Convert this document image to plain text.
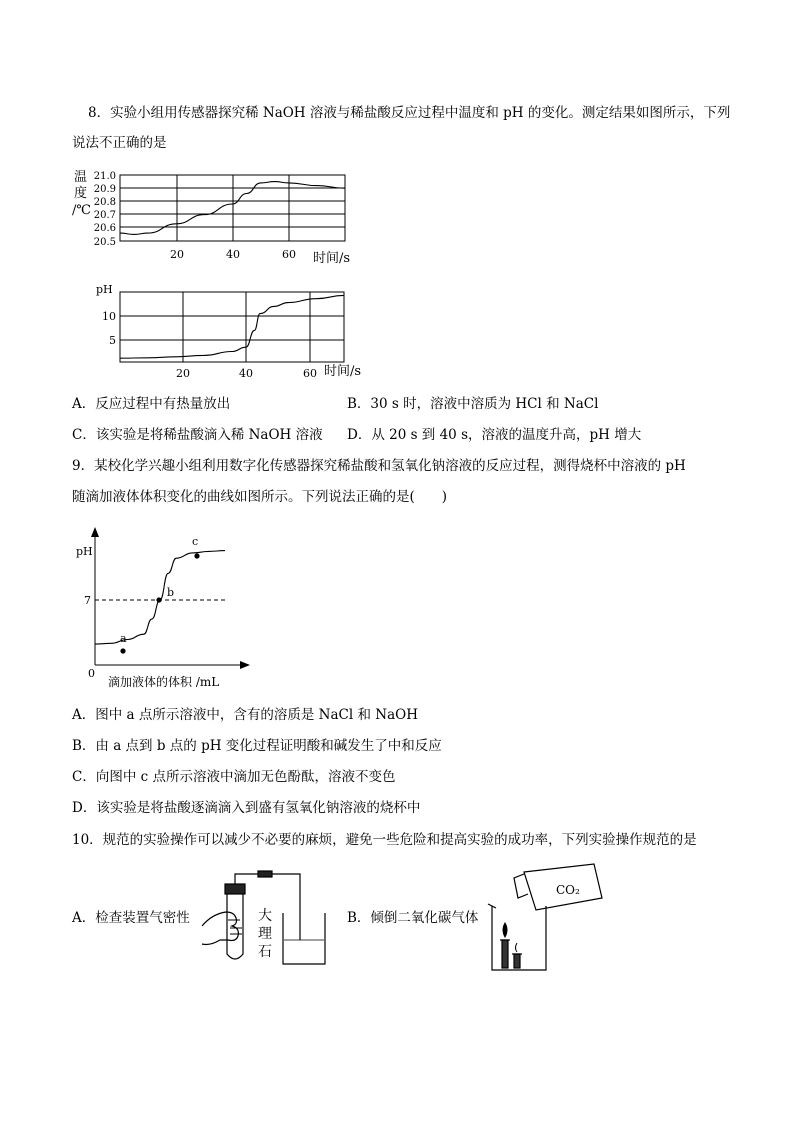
8．实验小组用传感器探究稀 NaOH 溶液与稀盐酸反应过程中温度和 pH 的变化。测定结果如图所示，下列
说法不正确的是
温
度
/℃
21.0
20.9
20.8
20.7
20.6
20.5
20	40	60 时间/s
pH
10
5
20	40	60 时间/s
A．反应过程中有热量放出	B．30 s 时，溶液中溶质为 HCl 和 NaCl
C．该实验是将稀盐酸滴入稀 NaOH 溶液 D．从 20 s 到 40 s，溶液的温度升高，pH 增大
9．某校化学兴趣小组利用数字化传感器探究稀盐酸和氢氧化钠溶液的反应过程，测得烧杯中溶液的 pH
随滴加液体体积变化的曲线如图所示。下列说法正确的是(　　)
pH
7
0
a
b
c
滴加液体的体积 /mL
A．图中 a 点所示溶液中，含有的溶质是 NaCl 和 NaOH
B．由 a 点到 b 点的 pH 变化过程证明酸和碱发生了中和反应
C．向图中 c 点所示溶液中滴加无色酚酞，溶液不变色
D．该实验是将盐酸逐滴滴入到盛有氢氧化钠溶液的烧杯中
10．规范的实验操作可以减少不必要的麻烦，避免一些危险和提高实验的成功率，下列实验操作规范的是
A．检查装置气密性	大
理
石
B．倾倒二氧化碳气体
CO₂
